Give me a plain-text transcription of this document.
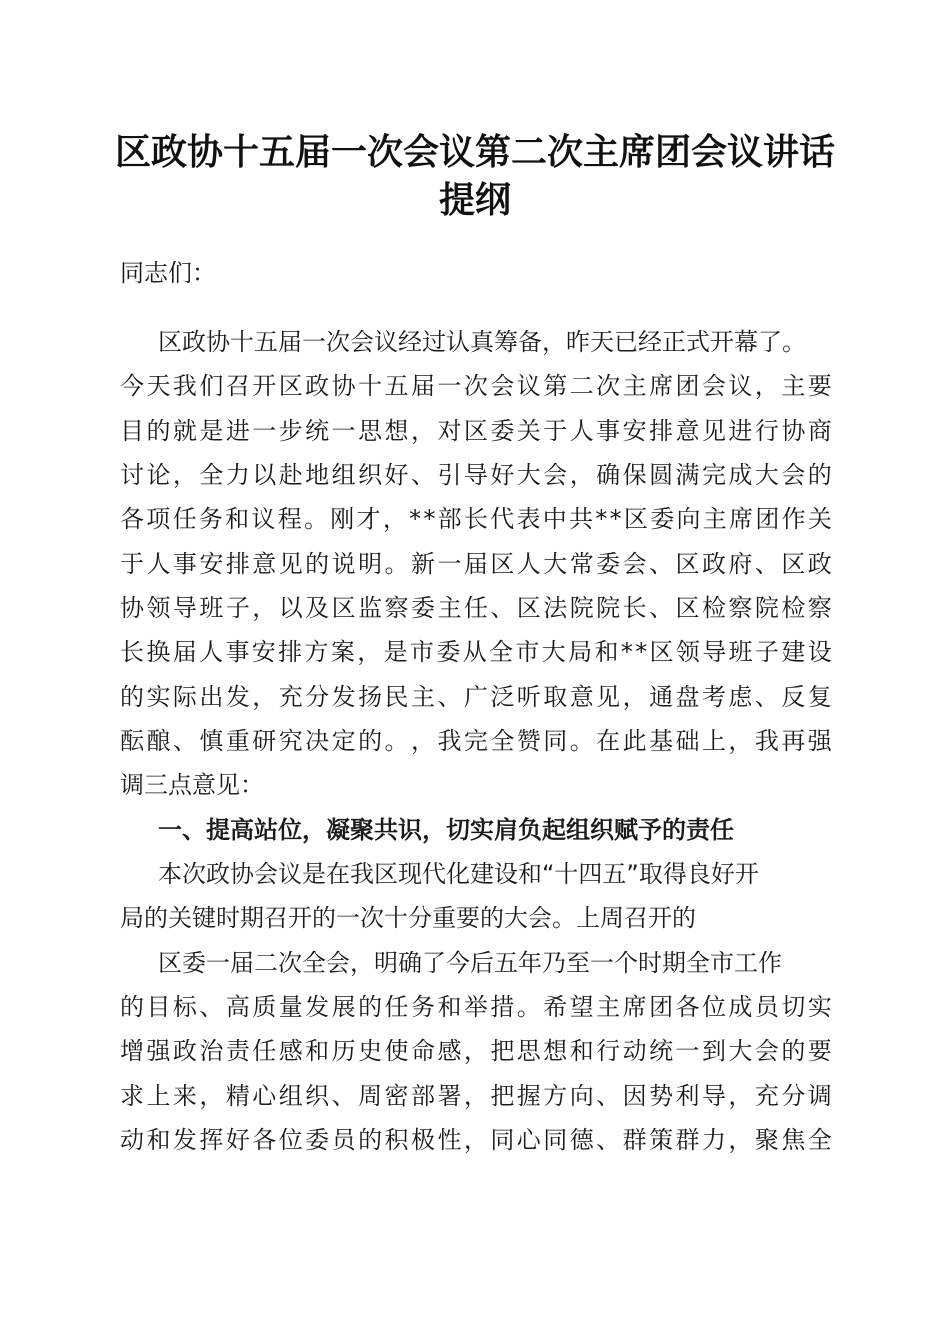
区政协十五届一次会议第二次主席团会议讲话
提纲
同志们：
区政协十五届一次会议经过认真筹备，昨天已经正式开幕了。
今 天 我 们 召 开 区 政 协 十 五 届 一 次 会 议 第 二 次 主 席 团 会 议 ， 主 要
目 的 就 是 进 一 步 统 一 思 想 ， 对 区 委 关 于 人 事 安 排 意 见 进 行 协 商
讨 论 ， 全 力 以 赴 地 组 织 好 、 引 导 好 大 会 ， 确 保 圆 满 完 成 大 会 的
各 项 任 务 和 议 程 。 刚 才 ， * * 部 长 代 表 中 共 * * 区 委 向 主 席 团 作 关
于 人 事 安 排 意 见 的 说 明 。 新 一 届 区 人 大 常 委 会 、 区 政 府 、 区 政
协 领 导 班 子 ， 以 及 区 监 察 委 主 任 、 区 法 院 院 长 、 区 检 察 院 检 察
长 换 届 人 事 安 排 方 案 ， 是 市 委 从 全 市 大 局 和 * * 区 领 导 班 子 建 设
的 实 际 出 发 ， 充 分 发 扬 民 主 、 广 泛 听 取 意 见 ， 通 盘 考 虑 、 反 复
酝 酿 、 慎 重 研 究 决 定 的 。 ， 我 完 全 赞 同 。 在 此 基 础 上 ， 我 再 强
调三点意见：
一、提高站位，凝聚共识，切实肩负起组织赋予的责任
本次政协会议是在我区现代化建设和“十四五”取得良好开
局的关键时期召开的一次十分重要的大会。上周召开的
区委一届二次全会，明确了今后五年乃至一个时期全市工作
的 目 标 、 高 质 量 发 展 的 任 务 和 举 措 。 希 望 主 席 团 各 位 成 员 切 实
增 强 政 治 责 任 感 和 历 史 使 命 感 ， 把 思 想 和 行 动 统 一 到 大 会 的 要
求 上 来 ， 精 心 组 织 、 周 密 部 署 ， 把 握 方 向 、 因 势 利 导 ， 充 分 调
动 和 发 挥 好 各 位 委 员 的 积 极 性 ， 同 心 同 德 、 群 策 群 力 ， 聚 焦 全
